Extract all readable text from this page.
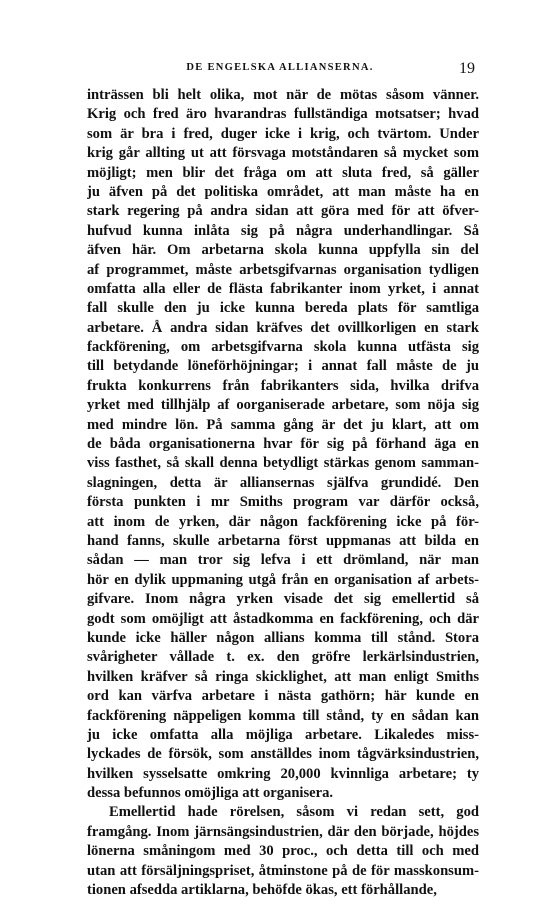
DE ENGELSKA ALLIANSERNA.	19
inträssen bli helt olika, mot när de mötas såsom vänner.
Krig och fred äro hvarandras fullständiga motsatser; hvad
som är bra i fred, duger icke i krig, och tvärtom. Under
krig går allting ut att försvaga motståndaren så mycket som
möjligt; men blir det fråga om att sluta fred, så gäller
ju äfven på det politiska området, att man måste ha en
stark regering på andra sidan att göra med för att öfver-
hufvud kunna inlåta sig på några underhandlingar. Så
äfven här. Om arbetarna skola kunna uppfylla sin del
af programmet, måste arbetsgifvarnas organisation tydligen
omfatta alla eller de flästa fabrikanter inom yrket, i annat
fall skulle den ju icke kunna bereda plats för samtliga
arbetare. Å andra sidan kräfves det ovillkorligen en stark
fackförening, om arbetsgifvarna skola kunna utfästa sig
till betydande löneförhöjningar; i annat fall måste de ju
frukta konkurrens från fabrikanters sida, hvilka drifva
yrket med tillhjälp af oorganiserade arbetare, som nöja sig
med mindre lön. På samma gång är det ju klart, att om
de båda organisationerna hvar för sig på förhand äga en
viss fasthet, så skall denna betydligt stärkas genom samman-
slagningen, detta är alliansernas själfva grundidé. Den
första punkten i mr Smiths program var därför också,
att inom de yrken, där någon fackförening icke på för-
hand fanns, skulle arbetarna först uppmanas att bilda en
sådan — man tror sig lefva i ett drömland, när man
hör en dylik uppmaning utgå från en organisation af arbets-
gifvare. Inom några yrken visade det sig emellertid så
godt som omöjligt att åstadkomma en fackförening, och där
kunde icke häller någon allians komma till stånd. Stora
svårigheter vållade t. ex. den gröfre lerkärlsindustrien,
hvilken kräfver så ringa skicklighet, att man enligt Smiths
ord kan värfva arbetare i nästa gathörn; här kunde en
fackförening näppeligen komma till stånd, ty en sådan kan
ju icke omfatta alla möjliga arbetare. Likaledes miss-
lyckades de försök, som anställdes inom tågvärksindustrien,
hvilken sysselsatte omkring 20,000 kvinnliga arbetare; ty
dessa befunnos omöjliga att organisera.
Emellertid hade rörelsen, såsom vi redan sett, god
framgång. Inom järnsängsindustrien, där den började, höjdes
lönerna småningom med 30 proc., och detta till och med
utan att försäljningspriset, åtminstone på de för masskonsum-
tionen afsedda artiklarna, behöfde ökas, ett förhållande,
